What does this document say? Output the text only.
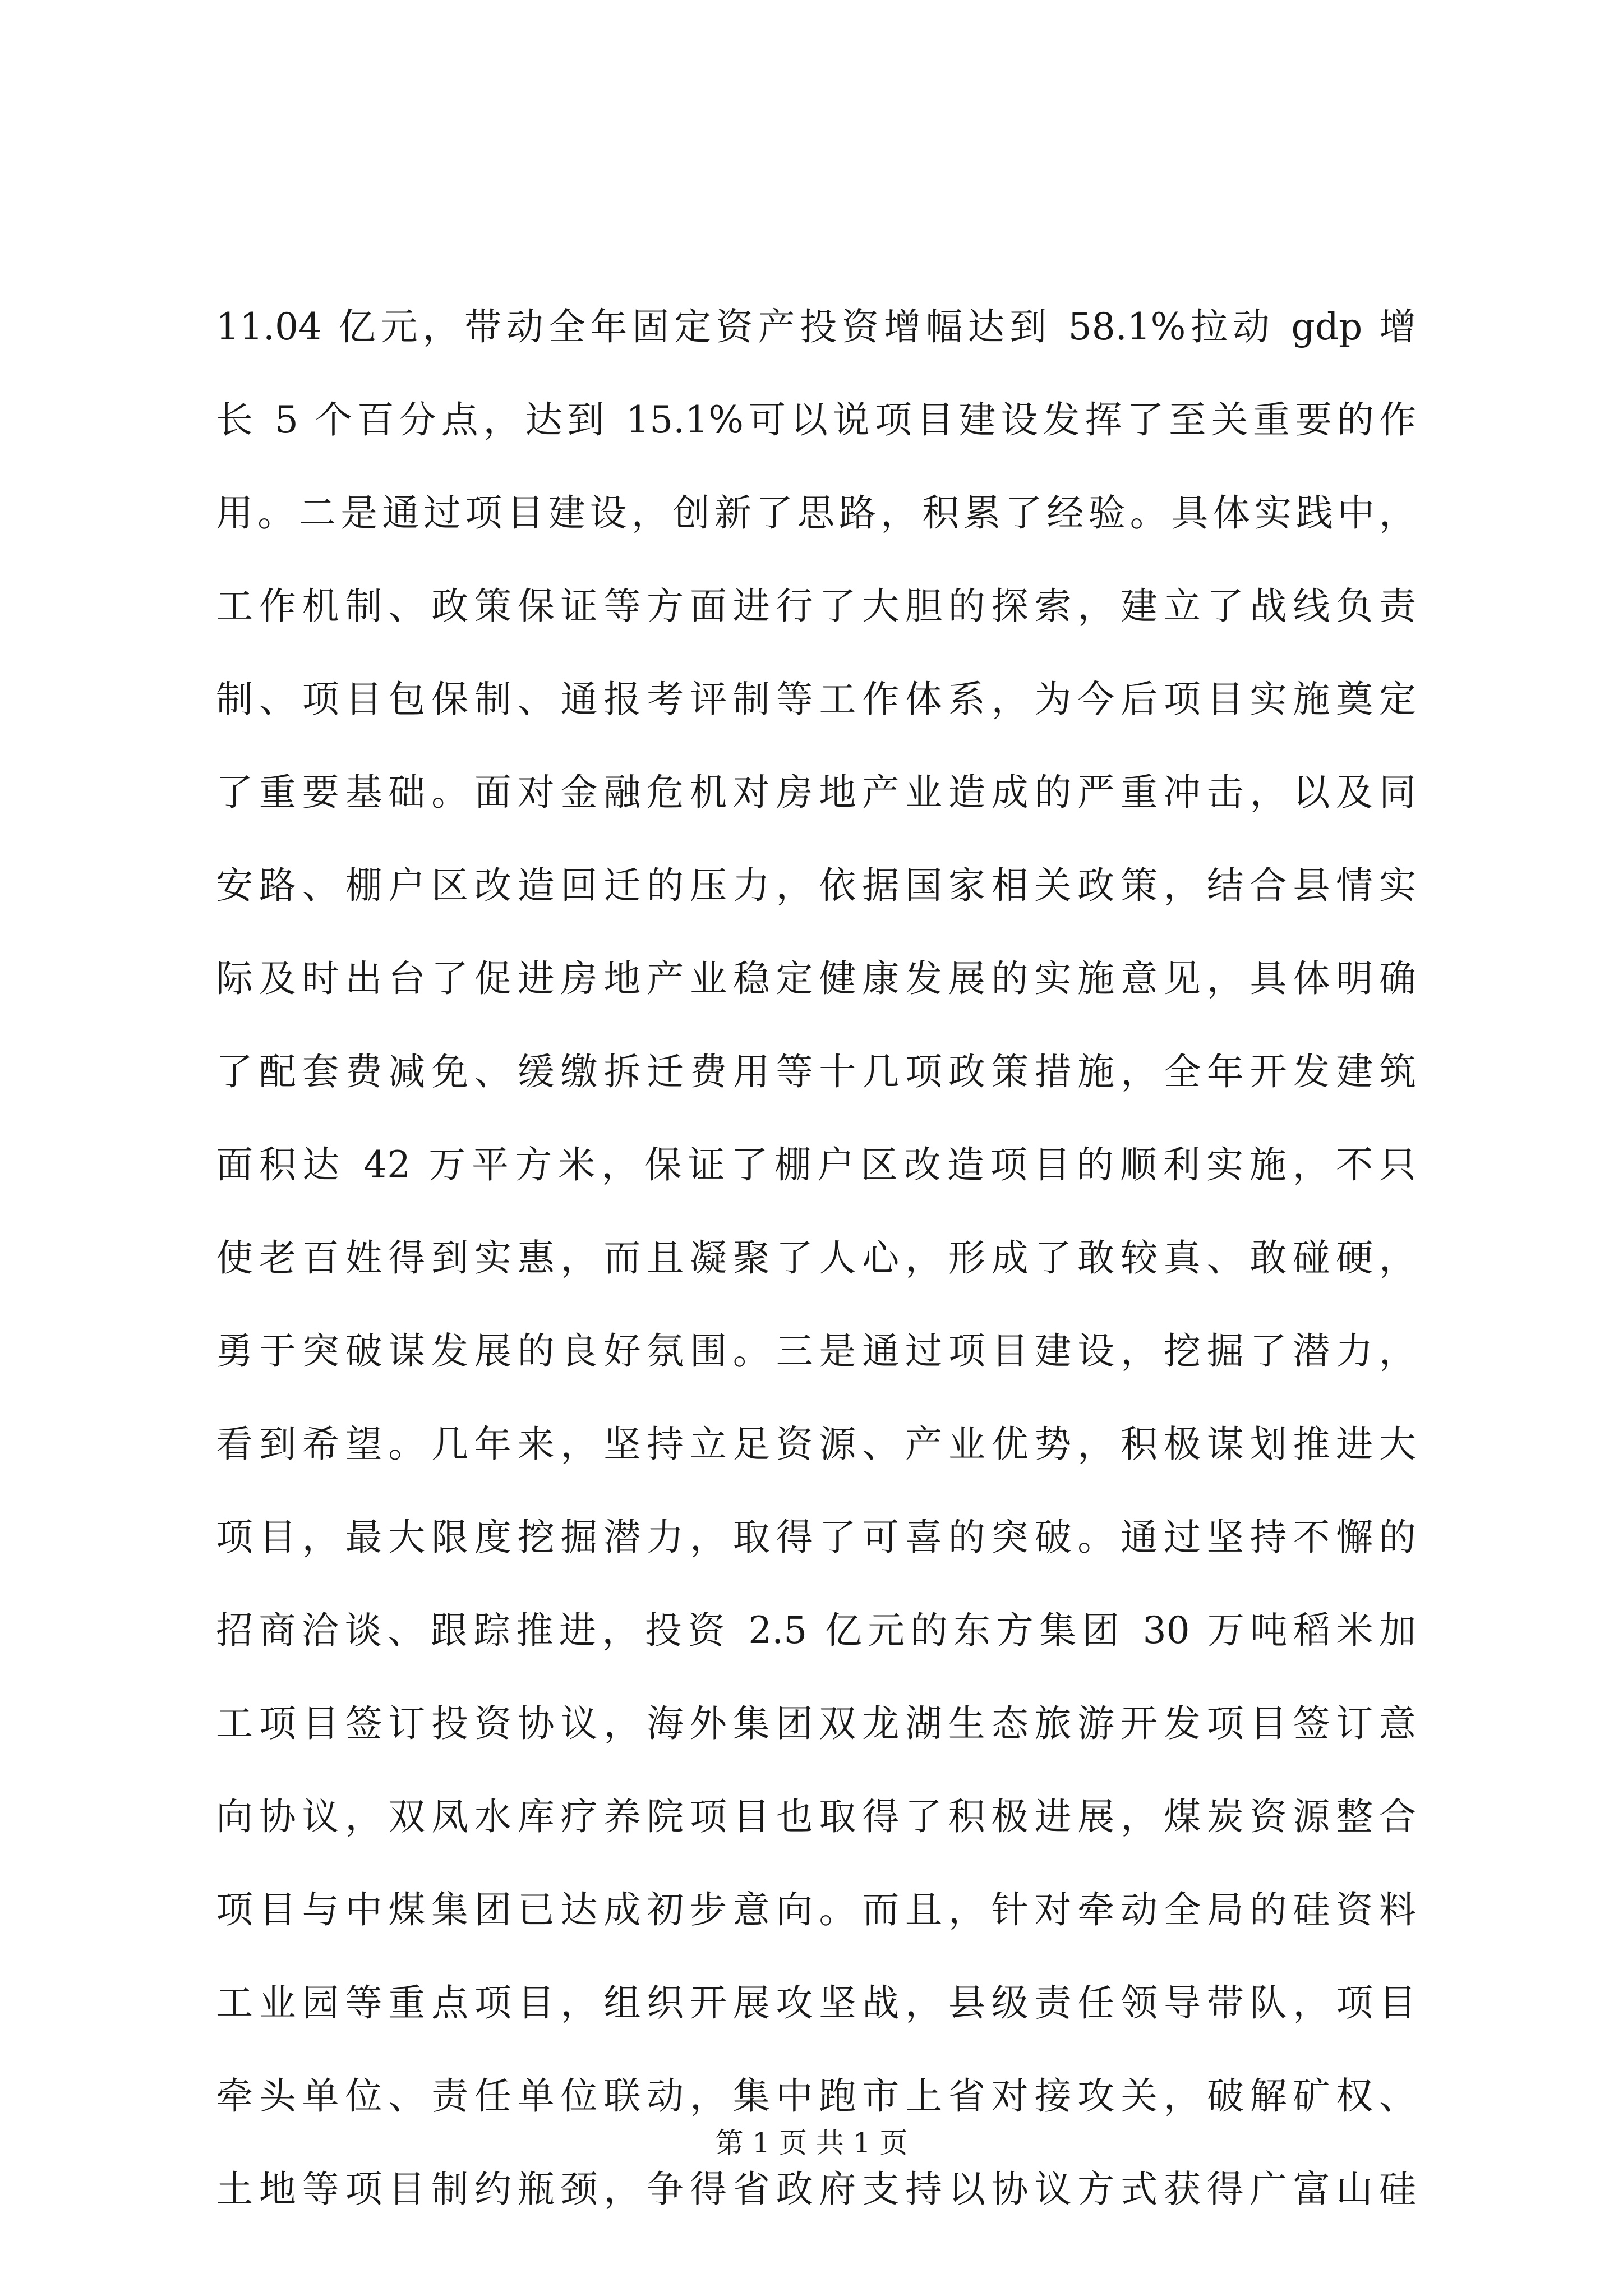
11.04 亿元，带动全年固定资产投资增幅达到 58.1%拉动 gdp 增
长 5 个百分点，达到 15.1%可以说项目建设发挥了至关重要的作
用。二是通过项目建设，创新了思路，积累了经验。具体实践中，
工作机制、政策保证等方面进行了大胆的探索，建立了战线负责
制、项目包保制、通报考评制等工作体系，为今后项目实施奠定
了重要基础。面对金融危机对房地产业造成的严重冲击，以及同
安路、棚户区改造回迁的压力，依据国家相关政策，结合县情实
际及时出台了促进房地产业稳定健康发展的实施意见，具体明确
了配套费减免、缓缴拆迁费用等十几项政策措施，全年开发建筑
面积达 42 万平方米，保证了棚户区改造项目的顺利实施，不只
使老百姓得到实惠，而且凝聚了人心，形成了敢较真、敢碰硬，
勇于突破谋发展的良好氛围。三是通过项目建设，挖掘了潜力，
看到希望。几年来，坚持立足资源、产业优势，积极谋划推进大
项目，最大限度挖掘潜力，取得了可喜的突破。通过坚持不懈的
招商洽谈、跟踪推进，投资 2.5 亿元的东方集团 30 万吨稻米加
工项目签订投资协议，海外集团双龙湖生态旅游开发项目签订意
向协议，双凤水库疗养院项目也取得了积极进展，煤炭资源整合
项目与中煤集团已达成初步意向。而且，针对牵动全局的硅资料
工业园等重点项目，组织开展攻坚战，县级责任领导带队，项目
牵头单位、责任单位联动，集中跑市上省对接攻关，破解矿权、
土地等项目制约瓶颈，争得省政府支持以协议方式获得广富山硅
第 1 页 共 1 页
